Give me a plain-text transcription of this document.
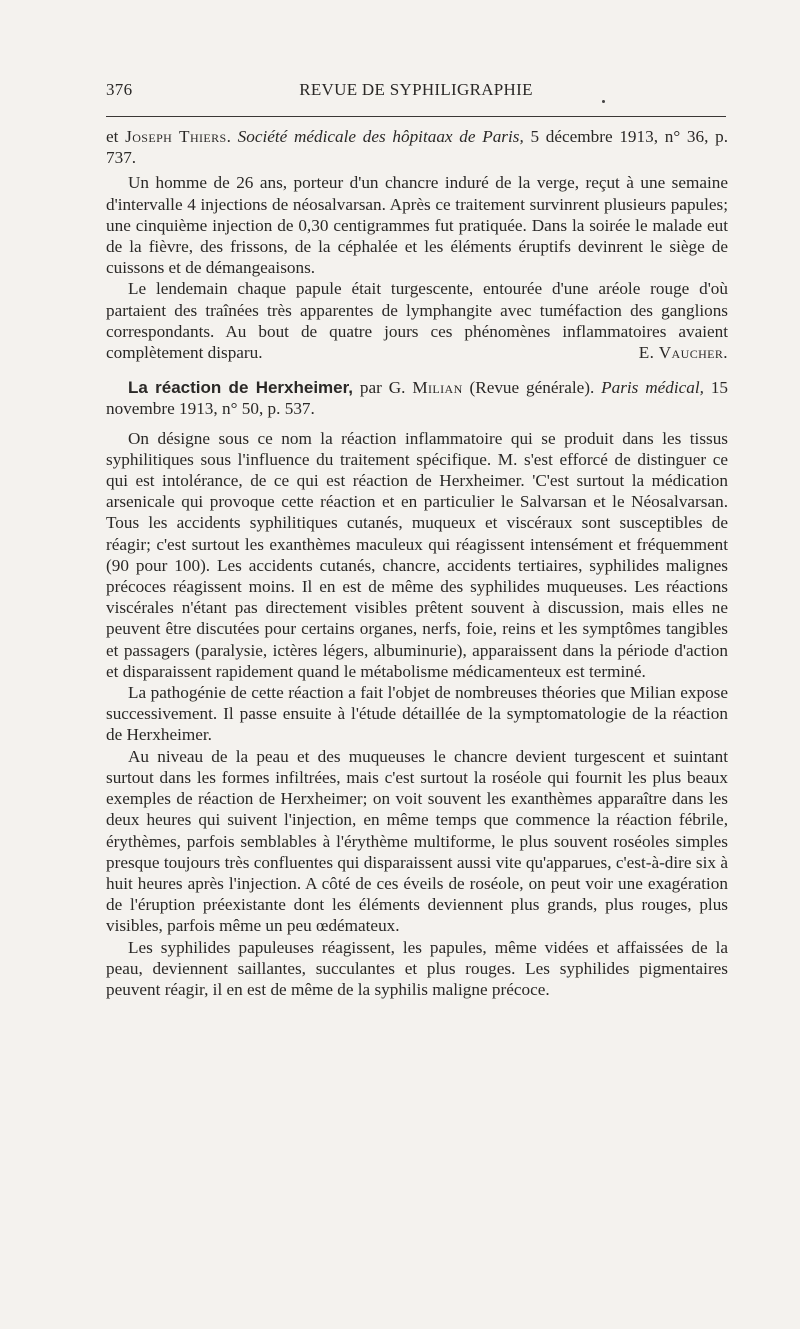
376	REVUE DE SYPHILIGRAPHIE

et Joseph Thiers. Société médicale des hôpitaax de Paris, 5 décembre 1913, n° 36, p. 737.

Un homme de 26 ans, porteur d'un chancre induré de la verge, reçut à une semaine d'intervalle 4 injections de néosalvarsan. Après ce traitement survinrent plusieurs papules; une cinquième injection de 0,30 centigrammes fut pratiquée. Dans la soirée le malade eut de la fièvre, des frissons, de la céphalée et les éléments éruptifs devinrent le siège de cuissons et de démangeaisons.

Le lendemain chaque papule était turgescente, entourée d'une aréole rouge d'où partaient des traînées très apparentes de lymphangite avec tuméfaction des ganglions correspondants. Au bout de quatre jours ces phénomènes inflammatoires avaient complètement disparu.	E. Vaucher.

La réaction de Herxheimer, par G. Milian (Revue générale). Paris médical, 15 novembre 1913, n° 50, p. 537.

On désigne sous ce nom la réaction inflammatoire qui se produit dans les tissus syphilitiques sous l'influence du traitement spécifique. M. s'est efforcé de distinguer ce qui est intolérance, de ce qui est réaction de Herxheimer. 'C'est surtout la médication arsenicale qui provoque cette réaction et en particulier le Salvarsan et le Néosalvarsan. Tous les accidents syphilitiques cutanés, muqueux et viscéraux sont susceptibles de réagir; c'est surtout les exanthèmes maculeux qui réagissent intensément et fréquemment (90 pour 100). Les accidents cutanés, chancre, accidents tertiaires, syphilides malignes précoces réagissent moins. Il en est de même des syphilides muqueuses. Les réactions viscérales n'étant pas directement visibles prêtent souvent à discussion, mais elles ne peuvent être discutées pour certains organes, nerfs, foie, reins et les symptômes tangibles et passagers (paralysie, ictères légers, albuminurie), apparaissent dans la période d'action et disparaissent rapidement quand le métabolisme médicamenteux est terminé.

La pathogénie de cette réaction a fait l'objet de nombreuses théories que Milian expose successivement. Il passe ensuite à l'étude détaillée de la symptomatologie de la réaction de Herxheimer.

Au niveau de la peau et des muqueuses le chancre devient turgescent et suintant surtout dans les formes infiltrées, mais c'est surtout la roséole qui fournit les plus beaux exemples de réaction de Herxheimer; on voit souvent les exanthèmes apparaître dans les deux heures qui suivent l'injection, en même temps que commence la réaction fébrile, érythèmes, parfois semblables à l'érythème multiforme, le plus souvent roséoles simples presque toujours très confluentes qui disparaissent aussi vite qu'apparues, c'est-à-dire six à huit heures après l'injection. A côté de ces éveils de roséole, on peut voir une exagération de l'éruption préexistante dont les éléments deviennent plus grands, plus rouges, plus visibles, parfois même un peu œdémateux.

Les syphilides papuleuses réagissent, les papules, même vidées et affaissées de la peau, deviennent saillantes, succulantes et plus rouges. Les syphilides pigmentaires peuvent réagir, il en est de même de la syphilis maligne précoce.
